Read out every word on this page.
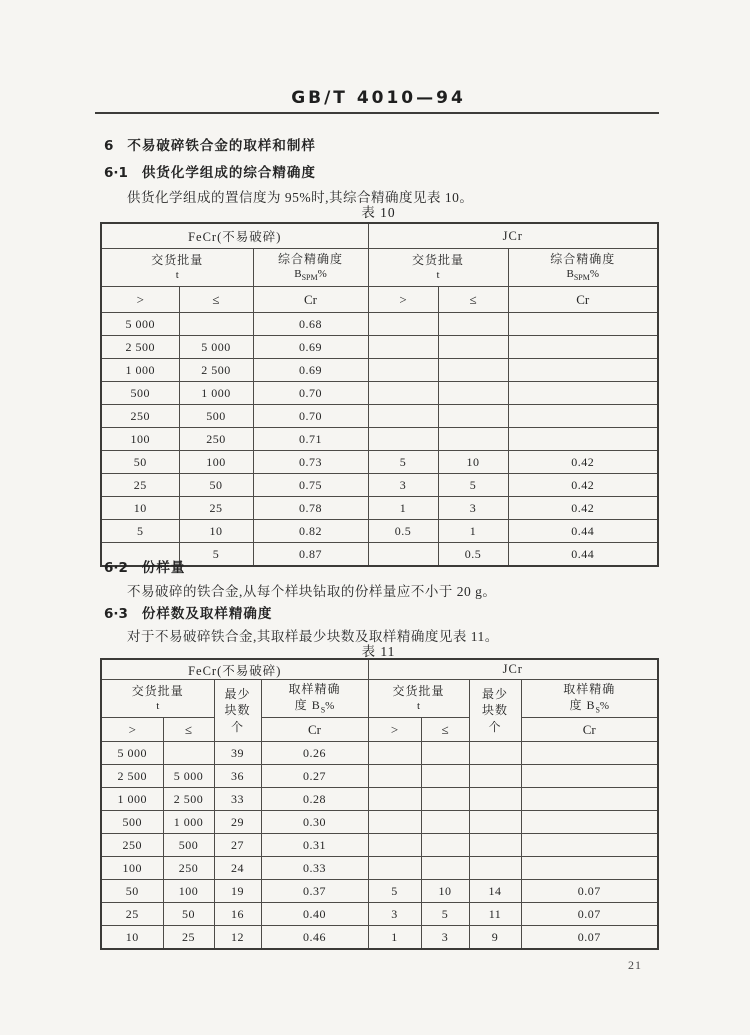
GB/T 4010—94
6 不易破碎铁合金的取样和制样
6·1 供货化学组成的综合精确度
供货化学组成的置信度为 95%时,其综合精确度见表 10。
表 10
FeCr(不易破碎)			JCr		

交货批量
t

综合精确度
$B_{SPM}\%$

交货批量
t

综合精确度
$B_{SPM}\%$

>	≤	Cr	>	≤	Cr
5 000		0.68			
2 500	5 000	0.69			
1 000	2 500	0.69			
500	1 000	0.70			
250	500	0.70			
100	250	0.71			
50	100	0.73	5	10	0.42
25	50	0.75	3	5	0.42
10	25	0.78	1	3	0.42
5	10	0.82	0.5	1	0.44
	5	0.87		0.5	0.44
6·2 份样量
不易破碎的铁合金,从每个样块钻取的份样量应不小于 20 g。
6·3 份样数及取样精确度
对于不易破碎铁合金,其取样最少块数及取样精确度见表 11。
表 11
FeCr(不易破碎)				JCr			

交货批量
t

最少
块数
个

取样精确
度 $B_S\%$

交货批量
t

最少
块数
个

取样精确
度 $B_S\%$

>	≤		Cr	>	≤		Cr
5 000		39	0.26				
2 500	5 000	36	0.27				
1 000	2 500	33	0.28				
500	1 000	29	0.30				
250	500	27	0.31				
100	250	24	0.33				
50	100	19	0.37	5	10	14	0.07
25	50	16	0.40	3	5	11	0.07
10	25	12	0.46	1	3	9	0.07
21
